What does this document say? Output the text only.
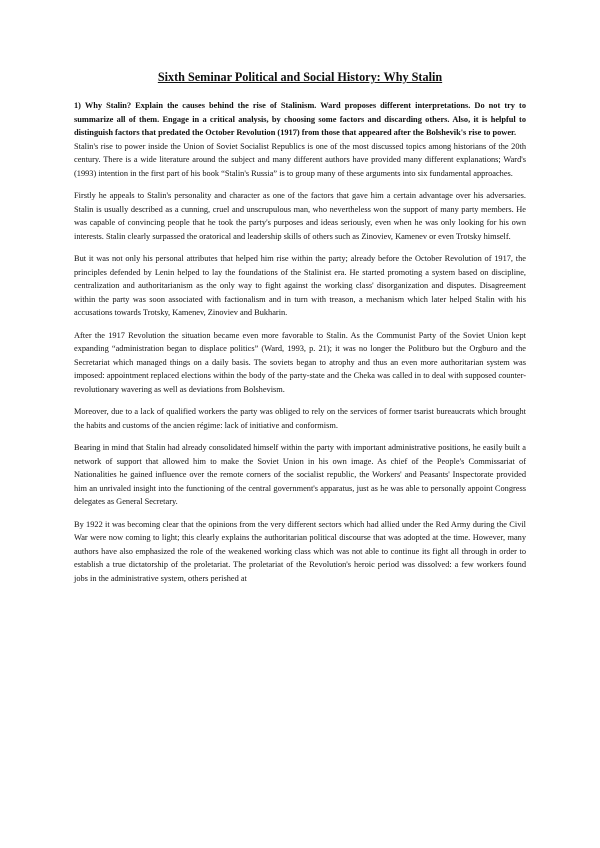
Sixth Seminar Political and Social History: Why Stalin

1) Why Stalin? Explain the causes behind the rise of Stalinism. Ward proposes different interpretations. Do not try to summarize all of them. Engage in a critical analysis, by choosing some factors and discarding others. Also, it is helpful to distinguish factors that predated the October Revolution (1917) from those that appeared after the Bolshevik's rise to power.

Stalin's rise to power inside the Union of Soviet Socialist Republics is one of the most discussed topics among historians of the 20th century. There is a wide literature around the subject and many different authors have provided many different explanations; Ward's (1993) intention in the first part of his book “Stalin's Russia” is to group many of these arguments into six fundamental approaches.

Firstly he appeals to Stalin's personality and character as one of the factors that gave him a certain advantage over his adversaries. Stalin is usually described as a cunning, cruel and unscrupulous man, who nevertheless won the support of many party members. He was capable of convincing people that he took the party's purposes and ideas seriously, even when he was only looking for his own interests. Stalin clearly surpassed the oratorical and leadership skills of others such as Zinoviev, Kamenev or even Trotsky himself.

But it was not only his personal attributes that helped him rise within the party; already before the October Revolution of 1917, the principles defended by Lenin helped to lay the foundations of the Stalinist era. He started promoting a system based on discipline, centralization and authoritarianism as the only way to fight against the working class' disorganization and disputes. Disagreement within the party was soon associated with factionalism and in turn with treason, a mechanism which later helped Stalin with his accusations towards Trotsky, Kamenev, Zinoviev and Bukharin.

After the 1917 Revolution the situation became even more favorable to Stalin. As the Communist Party of the Soviet Union kept expanding “administration began to displace politics” (Ward, 1993, p. 21); it was no longer the Politburo but the Orgburo and the Secretariat which managed things on a daily basis. The soviets began to atrophy and thus an even more authoritarian system was imposed: appointment replaced elections within the body of the party-state and the Cheka was called in to deal with supposed counter-revolutionary wavering as well as deviations from Bolshevism.

Moreover, due to a lack of qualified workers the party was obliged to rely on the services of former tsarist bureaucrats which brought the habits and customs of the ancien régime: lack of initiative and conformism.

Bearing in mind that Stalin had already consolidated himself within the party with important administrative positions, he easily built a network of support that allowed him to make the Soviet Union in his own image. As chief of the People's Commissariat of Nationalities he gained influence over the remote corners of the socialist republic, the Workers' and Peasants' Inspectorate provided him an unrivaled insight into the functioning of the central government's apparatus, just as he was able to personally appoint Congress delegates as General Secretary.

By 1922 it was becoming clear that the opinions from the very different sectors which had allied under the Red Army during the Civil War were now coming to light; this clearly explains the authoritarian political discourse that was adopted at the time. However, many authors have also emphasized the role of the weakened working class which was not able to continue its fight all through in order to establish a true dictatorship of the proletariat. The proletariat of the Revolution's heroic period was dissolved: a few workers found jobs in the administrative system, others perished at
